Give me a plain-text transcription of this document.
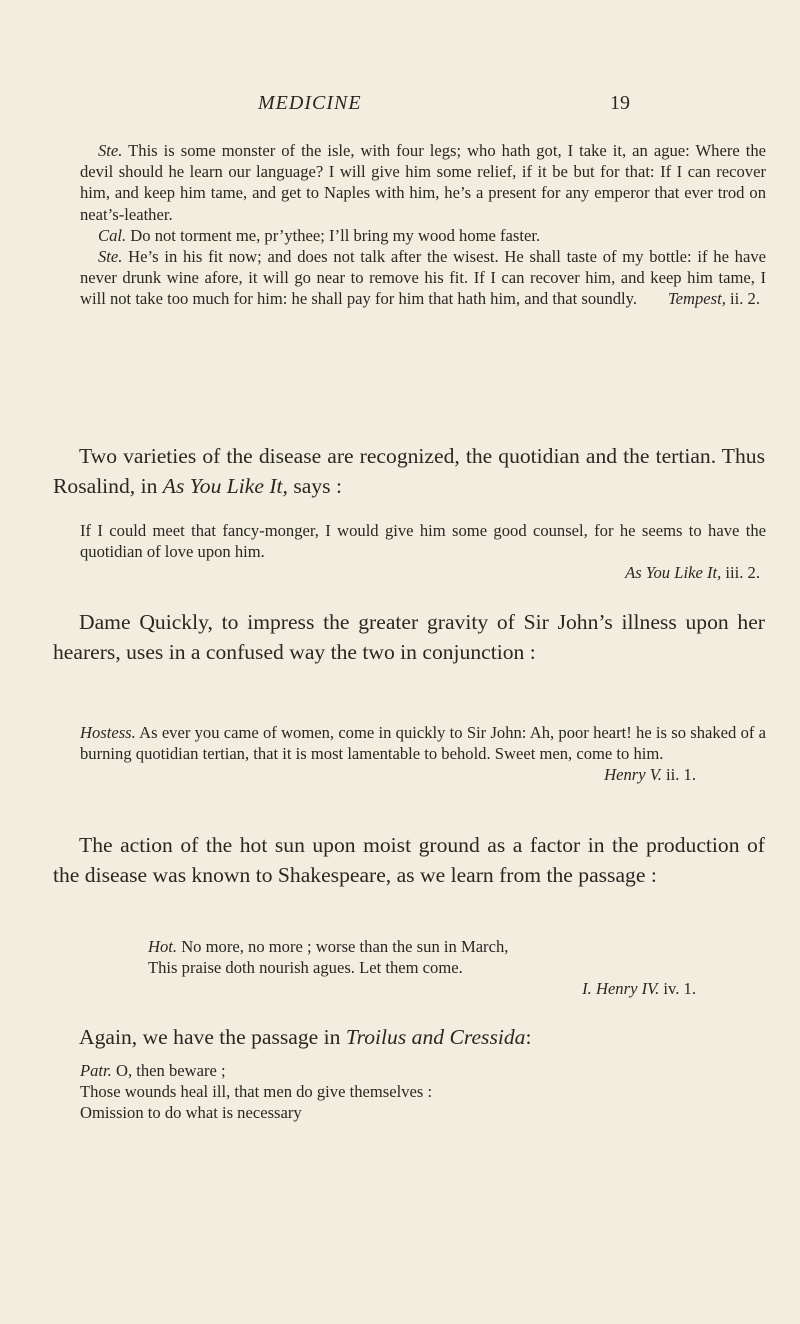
MEDICINE	19

Ste. This is some monster of the isle, with four legs; who hath got, I take it, an ague: Where the devil should he learn our language? I will give him some relief, if it be but for that: If I can recover him, and keep him tame, and get to Naples with him, he’s a present for any emperor that ever trod on neat’s-leather.

Cal. Do not torment me, pr’ythee; I’ll bring my wood home faster.

Ste. He’s in his fit now; and does not talk after the wisest. He shall taste of my bottle: if he have never drunk wine afore, it will go near to remove his fit. If I can recover him, and keep him tame, I will not take too much for him: he shall pay for him that hath him, and that soundly.	Tempest, ii. 2.

Two varieties of the disease are recognized, the quotidian and the tertian. Thus Rosalind, in As You Like It, says :

If I could meet that fancy-monger, I would give him some good counsel, for he seems to have the quotidian of love upon him.

As You Like It, iii. 2.

Dame Quickly, to impress the greater gravity of Sir John’s illness upon her hearers, uses in a confused way the two in conjunction :

Hostess. As ever you came of women, come in quickly to Sir John: Ah, poor heart! he is so shaked of a burning quotidian tertian, that it is most lamentable to behold. Sweet men, come to him.

Henry V. ii. 1.

The action of the hot sun upon moist ground as a factor in the production of the disease was known to Shakespeare, as we learn from the passage :

Hot. No more, no more ; worse than the sun in March,

This praise doth nourish agues. Let them come.

I. Henry IV. iv. 1.

Again, we have the passage in Troilus and Cressida:

Patr. O, then beware ;

Those wounds heal ill, that men do give themselves :

Omission to do what is necessary
